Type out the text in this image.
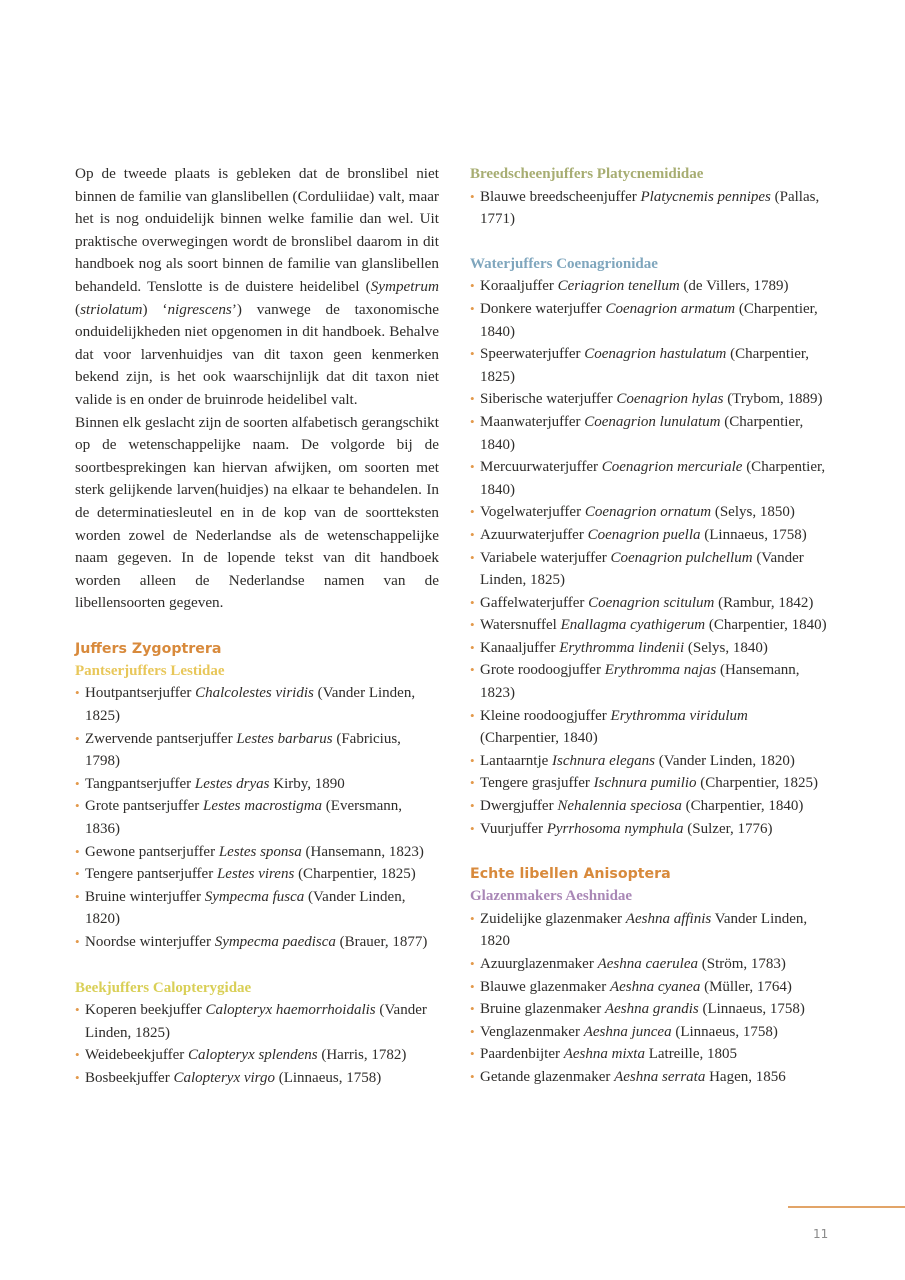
Op de tweede plaats is gebleken dat de bronslibel niet binnen de familie van glanslibellen (Corduliidae) valt, maar het is nog onduidelijk binnen welke familie dan wel. Uit praktische overwegingen wordt de bronslibel daarom in dit handboek nog als soort binnen de familie van glanslibellen behandeld. Tenslotte is de duistere heidelibel (Sympetrum (striolatum) ‘nigrescens’) vanwege de taxonomische onduidelijkheden niet opgenomen in dit handboek. Behalve dat voor larvenhuidjes van dit taxon geen kenmerken bekend zijn, is het ook waarschijnlijk dat dit taxon niet valide is en onder de bruinrode heidelibel valt.

Binnen elk geslacht zijn de soorten alfabetisch gerangschikt op de wetenschappelijke naam. De volgorde bij de soortbesprekingen kan hiervan afwijken, om soorten met sterk gelijkende larven(huidjes) na elkaar te behandelen. In de determinatiesleutel en in de kop van de soortteksten worden zowel de Nederlandse als de wetenschappelijke naam gegeven. In de lopende tekst van dit handboek worden alleen de Nederlandse namen van de libellensoorten gegeven.

Juffers Zygoptrera
Pantserjuffers Lestidae
• Houtpantserjuffer Chalcolestes viridis (Vander Linden, 1825)
• Zwervende pantserjuffer Lestes barbarus (Fabricius, 1798)
• Tangpantserjuffer Lestes dryas Kirby, 1890
• Grote pantserjuffer Lestes macrostigma (Eversmann, 1836)
• Gewone pantserjuffer Lestes sponsa (Hansemann, 1823)
• Tengere pantserjuffer Lestes virens (Charpentier, 1825)
• Bruine winterjuffer Sympecma fusca (Vander Linden, 1820)
• Noordse winterjuffer Sympecma paedisca (Brauer, 1877)
Beekjuffers Calopterygidae
• Koperen beekjuffer Calopteryx haemorrhoidalis (Vander Linden, 1825)
• Weidebeekjuffer Calopteryx splendens (Harris, 1782)
• Bosbeekjuffer Calopteryx virgo (Linnaeus, 1758)
Breedscheenjuffers Platycnemididae
• Blauwe breedscheenjuffer Platycnemis pennipes (Pallas, 1771)
Waterjuffers Coenagrionidae
• Koraaljuffer Ceriagrion tenellum (de Villers, 1789)
• Donkere waterjuffer Coenagrion armatum (Charpentier, 1840)
• Speerwaterjuffer Coenagrion hastulatum (Charpentier, 1825)
• Siberische waterjuffer Coenagrion hylas (Trybom, 1889)
• Maanwaterjuffer Coenagrion lunulatum (Charpentier, 1840)
• Mercuurwaterjuffer Coenagrion mercuriale (Charpentier, 1840)
• Vogelwaterjuffer Coenagrion ornatum (Selys, 1850)
• Azuurwaterjuffer Coenagrion puella (Linnaeus, 1758)
• Variabele waterjuffer Coenagrion pulchellum (Vander Linden, 1825)
• Gaffelwaterjuffer Coenagrion scitulum (Rambur, 1842)
• Watersnuffel Enallagma cyathigerum (Charpentier, 1840)
• Kanaaljuffer Erythromma lindenii (Selys, 1840)
• Grote roodoogjuffer Erythromma najas (Hansemann, 1823)
• Kleine roodoogjuffer Erythromma viridulum (Charpentier, 1840)
• Lantaarntje Ischnura elegans (Vander Linden, 1820)
• Tengere grasjuffer Ischnura pumilio (Charpentier, 1825)
• Dwergjuffer Nehalennia speciosa (Charpentier, 1840)
• Vuurjuffer Pyrrhosoma nymphula (Sulzer, 1776)
Echte libellen Anisoptera
Glazenmakers Aeshnidae
• Zuidelijke glazenmaker Aeshna affinis Vander Linden, 1820
• Azuurglazenmaker Aeshna caerulea (Ström, 1783)
• Blauwe glazenmaker Aeshna cyanea (Müller, 1764)
• Bruine glazenmaker Aeshna grandis (Linnaeus, 1758)
• Venglazenmaker Aeshna juncea (Linnaeus, 1758)
• Paardenbijter Aeshna mixta Latreille, 1805
• Getande glazenmaker Aeshna serrata Hagen, 1856
11
